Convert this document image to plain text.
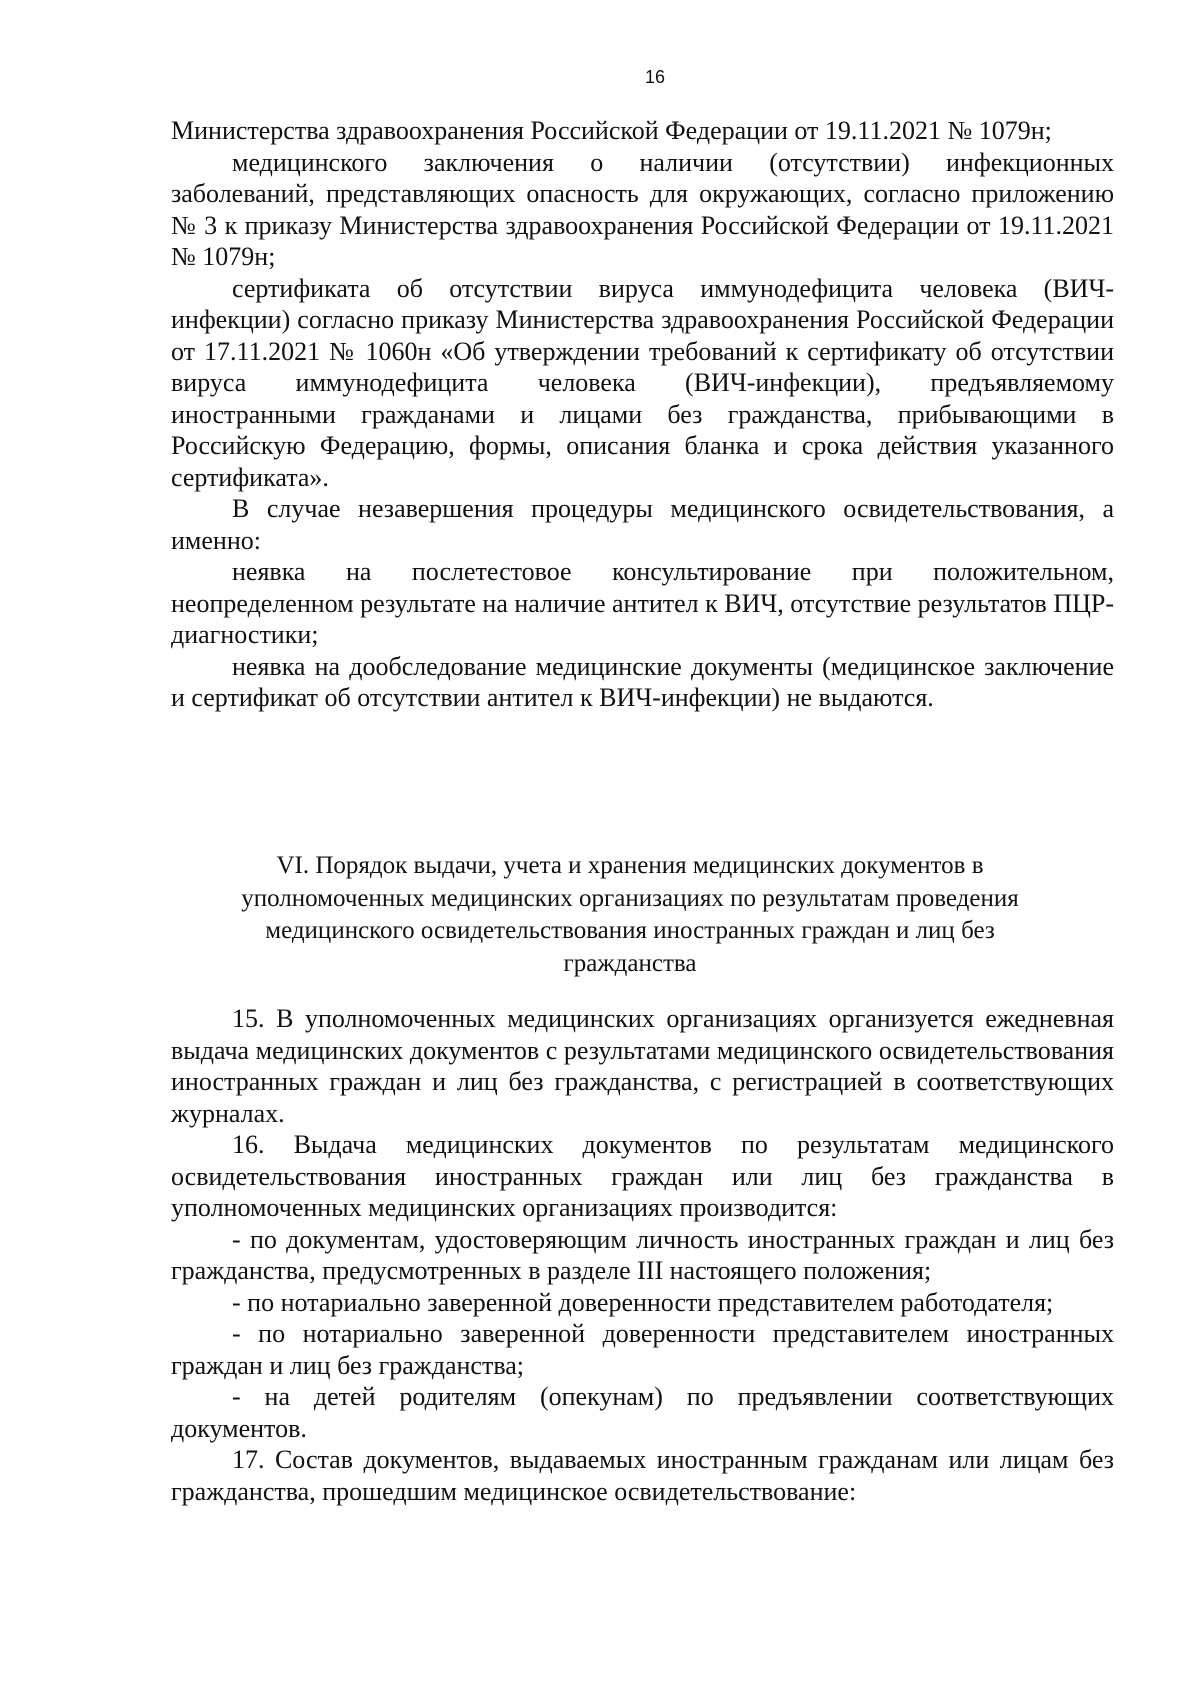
16

Министерства здравоохранения Российской Федерации от 19.11.2021 № 1079н;

медицинского заключения о наличии (отсутствии) инфекционных заболеваний, представляющих опасность для окружающих, согласно приложению № 3 к приказу Министерства здравоохранения Российской Федерации от 19.11.2021 № 1079н;

сертификата об отсутствии вируса иммунодефицита человека (ВИЧ-инфекции) согласно приказу Министерства здравоохранения Российской Федерации от 17.11.2021 № 1060н «Об утверждении требований к сертификату об отсутствии вируса иммунодефицита человека (ВИЧ-инфекции), предъявляемому иностранными гражданами и лицами без гражданства, прибывающими в Российскую Федерацию, формы, описания бланка и срока действия указанного сертификата».

В случае незавершения процедуры медицинского освидетельствования, а именно:

неявка на послетестовое консультирование при положительном, неопределенном результате на наличие антител к ВИЧ, отсутствие результатов ПЦР-диагностики;

неявка на дообследование медицинские документы (медицинское заключение и сертификат об отсутствии антител к ВИЧ-инфекции) не выдаются.

VI. Порядок выдачи, учета и хранения медицинских документов в
уполномоченных медицинских организациях по результатам проведения
медицинского освидетельствования иностранных граждан и лиц без
гражданства

15. В уполномоченных медицинских организациях организуется ежедневная выдача медицинских документов с результатами медицинского освидетельствования иностранных граждан и лиц без гражданства, с регистрацией в соответствующих журналах.

16. Выдача медицинских документов по результатам медицинского освидетельствования иностранных граждан или лиц без гражданства в уполномоченных медицинских организациях производится:

- по документам, удостоверяющим личность иностранных граждан и лиц без гражданства, предусмотренных в разделе III настоящего положения;

- по нотариально заверенной доверенности представителем работодателя;

- по нотариально заверенной доверенности представителем иностранных граждан и лиц без гражданства;

- на детей родителям (опекунам) по предъявлении соответствующих документов.

17. Состав документов, выдаваемых иностранным гражданам или лицам без гражданства, прошедшим медицинское освидетельствование:
